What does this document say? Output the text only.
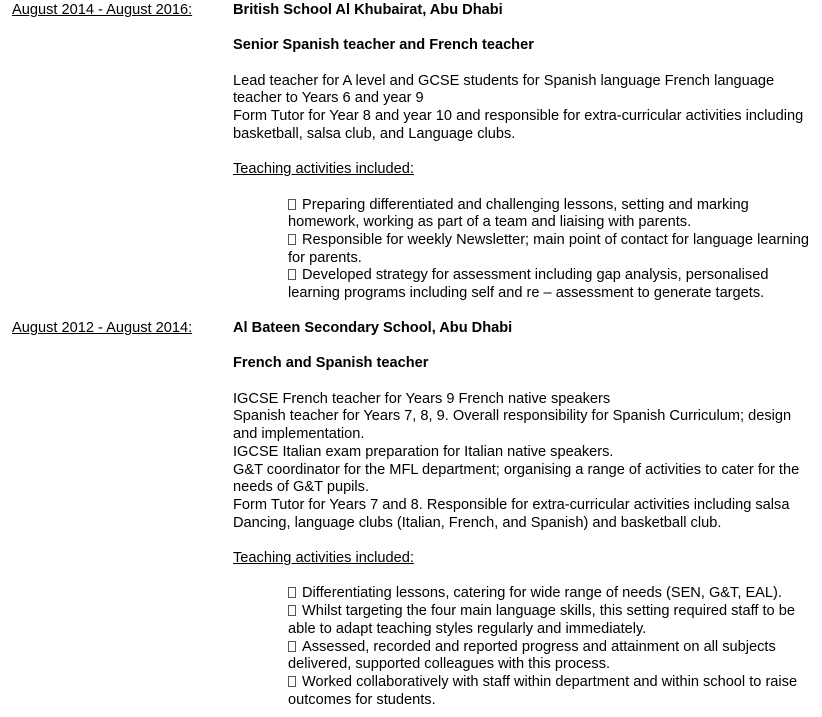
August 2014 - August 2016:	British School Al Khubairat, Abu Dhabi
Senior Spanish teacher and French teacher
Lead teacher for A level and GCSE students for Spanish language French language teacher to Years 6 and year 9
Form Tutor for Year 8 and year 10 and responsible for extra-curricular activities including basketball, salsa club, and Language clubs.
Teaching activities included:
Preparing differentiated and challenging lessons, setting and marking homework, working as part of a team and liaising with parents.
Responsible for weekly Newsletter; main point of contact for language learning for parents.
Developed strategy for assessment including gap analysis, personalised learning programs including self and re – assessment to generate targets.
August 2012 - August 2014:	Al Bateen Secondary School, Abu Dhabi
French and Spanish teacher
IGCSE French teacher for Years 9 French native speakers
Spanish teacher for Years 7, 8, 9. Overall responsibility for Spanish Curriculum; design and implementation.
IGCSE Italian exam preparation for Italian native speakers.
G&T coordinator for the MFL department; organising a range of activities to cater for the needs of G&T pupils.
Form Tutor for Years 7 and 8. Responsible for extra-curricular activities including salsa Dancing, language clubs (Italian, French, and Spanish) and basketball club.
Teaching activities included:
Differentiating lessons, catering for wide range of needs (SEN, G&T, EAL).
Whilst targeting the four main language skills, this setting required staff to be able to adapt teaching styles regularly and immediately.
Assessed, recorded and reported progress and attainment on all subjects delivered, supported colleagues with this process.
Worked collaboratively with staff within department and within school to raise outcomes for students.
